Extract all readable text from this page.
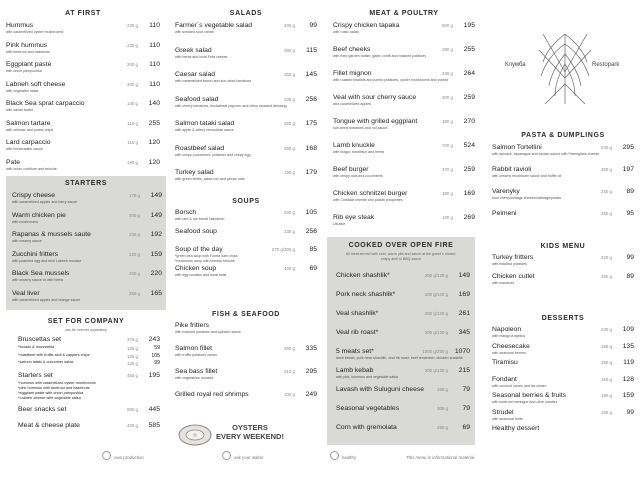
AT FIRST
Hummus
with caramelized oyster mushrooms
230 g	110
Pink hummus
with beetroot and hazelnuts
230 g	110
Eggplant paste
with onion pampushka
200 g	110
Labneh soft cheese
with vegetable salsa
200 g	110
Black Sea sprat carpaccio
with caviar butter
140 g	140
Salmon tartare
with celeriac and potato chips
110 g	255
Lard carpaccio
with horseradish sauce
110 g	120
Pate
with onion confiture and brioche
190 g	120
STARTERS
Crispy cheese
with caramelized apples and berry sauce
170 g	149
Warm chicken pie
with mushrooms
200 g	149
Rapanas & mussels saute
with creamy sauce
230 g	192
Zucchini fritters
with poached egg and mini Labneh mousse
220 g	159
Black Sea mussels
with creamy sauce or with herbs
400 g	220
Veal liver
with caramelized apples and orange sauce
250 g	165
SET FOR COMPANY
can be ordered separately
Bruscettas set	375 g	243
*tomato & mozzarella	125 g	59
*roastbeef with truffle aioli & cappers chips	125 g	105
*salmon tataki & cucumber salsa	125 g	99
Starters set	450 g	195
*hummus with caramelized oyster mushrooms
*pink hummus with beetroot and hazelnuts
*eggplant paste with onion pampushka
*Labneh cheese with vegetable salsa
Beer snacks set	850 g	445
Meat & cheese plate	400 g	585
SALADS
Farmer`s vegetable salad
with smoked sour cream
400 g	99
Greek salad
with herbs and local Feta cheese
380 g	115
Caesar salad
with caramelized bacon and sun dried tomatoes
250 g	145
Seafood salad
with cherry tomatoes, buckwheat popcorn and citrus mustard dressing
200 g	256
Salmon tataki salad
with apple & celery remoulade sauce
250 g	175
Roastbeef salad
with crispy cucumbers, potatoes and crispy egg
260 g	168
Turkey salad
with green lentils, salad mix and pecan nuts
190 g	179
SOUPS
Borsch
with lard & rye bread Napoleon
330 g	105
Seafood soup	330 g	256
Soup of the day
*green pea soup with Forma ham chips
*mushroom soup with cheese brioche
270 g/300 g	85
Chicken soup
with egg noodles and meat balls
400 g	69
FISH & SEAFOOD
Pike fritters
with mashed potatoes and spinach sauce
Salmon fillet
with truffle potatoes cream
280 g	335
Sea bass fillet
with vegetables mousse
310 g	295
Grilled royal red shrimps	100 g	249
OYSTERS
EVERY WEEKEND!
MEAT & POULTRY
Crispy chicken tapaka
with rustic salad
500 g	195
Beef cheeks
with fried garden radish, garlic confit and mashed potatoes
280 g	255
Fillet mignon
with roasted shallots and jumbo potatoes, oyster mushrooms and porcini
330 g	264
Veal with sour cherry sauce
and caramelized apples
300 g	259
Tongue with grilled eggplant
sun-dried tomatoes and nut sauce
380 g	270
Lamb knuckle
with bulgur, bordeaux and herbs
700 g	524
Beef burger
with crispy aioli and cucumbers
370 g	259
Chicken schnitzel burger
with Cheddar cheese and potato croquettes
380 g	169
Rib eye steak
Ukraine
100 g	269
COOKED OVER OPEN FIRE
All meat served with corn, warm pita and sauce at the guest`s choice: crispy aioli or BBQ sauce
Chicken shashlik*	200 g/120 g	149
Pork neck shashlik*	200 g/120 g	169
Veal shashlik*	200 g/120 g	261
Veal rib roast*	200 g/120 g	345
5 meats set*
lamb kebab, pork neck shashlik, veal rib roast, beef tenderloin, chicken shashlik
1000 g/250 g	1070
Lamb kebab
with pita, hummus and vegetable salsa
200 g/130 g	215
Lavash with Suluguni cheese	150 g	79
Seasonal vegetables	300 g	79
Corn with gremolata	250 g	69
Клумба	Restopark
PASTA & DUMPLINGS
Salmon Tortellini
with spinach, asparagus and tomato sauce with Parmigiano cheese
240 g	295
Rabbit ravioli
with creamy mushroom sauce and truffle oil
250 g	197
Varenyky
sour cherry/cottage cheese/cabbage/potato
250 g	89
Pelmeni	250 g	95
KIDS MENU
Turkey fritters
with mashed potatoes
220 g	99
Chicken cutlet
with macaroni
180 g	89
DESSERTS
Napoleon
with mango Angelica
230 g	109
Cheesecake
with seasonal berries
150 g	135
Tiramisu	180 g	119
Fondant
with coconut cream and ice cream
150 g	128
Seasonal berries & fruits
with beetroot meringue and olive candies
180 g	159
Strudel
with seasonal fruits
150 g	99
Healthy dessert
own production	ask your waiter	healthy	This menu is informational material.
